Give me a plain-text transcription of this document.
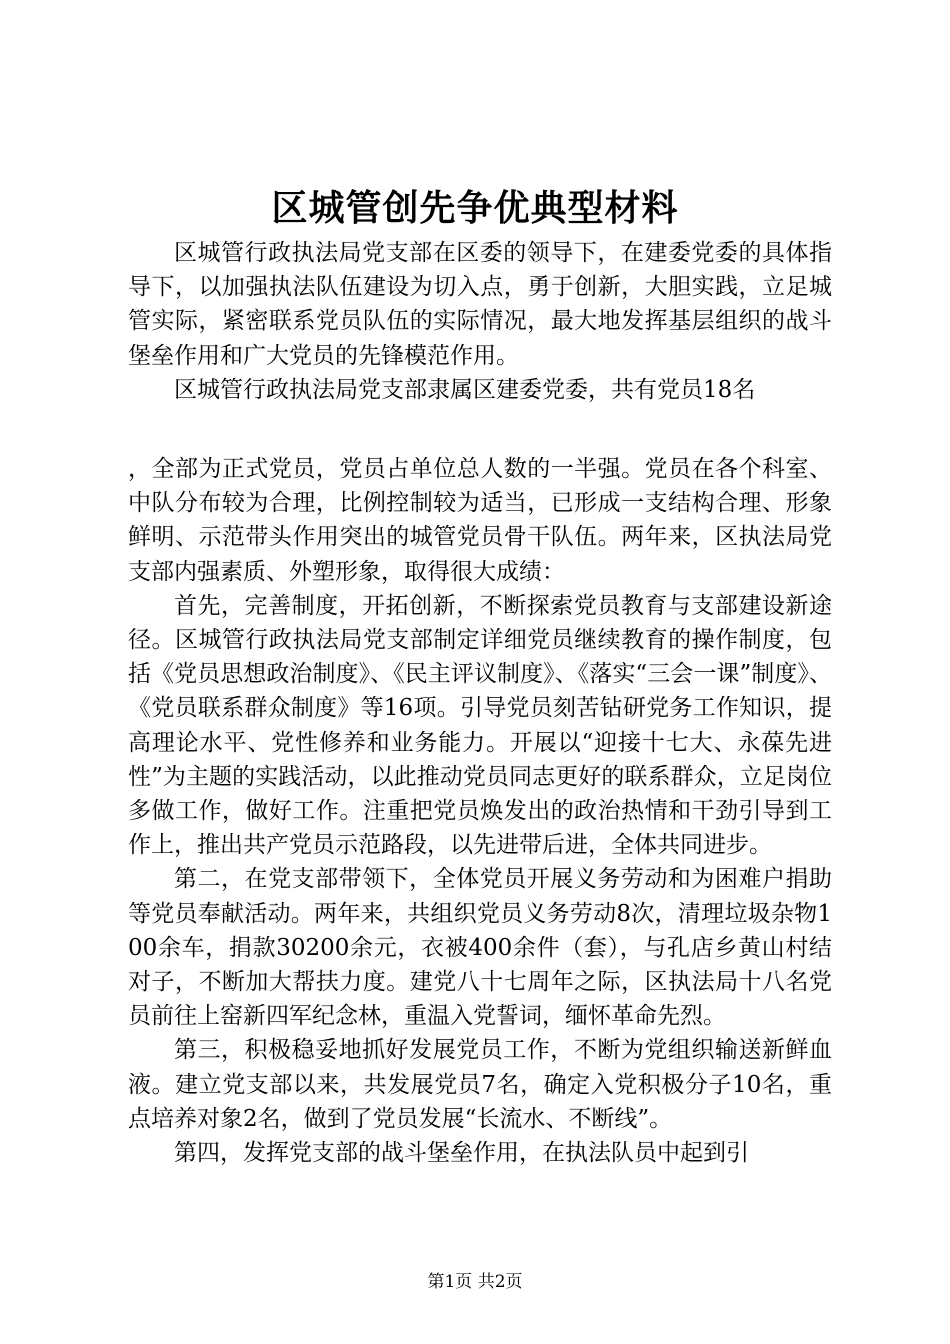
区城管创先争优典型材料

区城管行政执法局党支部在区委的领导下，在建委党委的具体指导下，以加强执法队伍建设为切入点，勇于创新，大胆实践，立足城管实际，紧密联系党员队伍的实际情况，最大地发挥基层组织的战斗堡垒作用和广大党员的先锋模范作用。

区城管行政执法局党支部隶属区建委党委，共有党员18名

，全部为正式党员，党员占单位总人数的一半强。党员在各个科室、中队分布较为合理，比例控制较为适当，已形成一支结构合理、形象鲜明、示范带头作用突出的城管党员骨干队伍。两年来，区执法局党支部内强素质、外塑形象，取得很大成绩：

首先，完善制度，开拓创新，不断探索党员教育与支部建设新途径。区城管行政执法局党支部制定详细党员继续教育的操作制度，包括《党员思想政治制度》、《民主评议制度》、《落实“三会一课”制度》、《党员联系群众制度》等16项。引导党员刻苦钻研党务工作知识，提高理论水平、党性修养和业务能力。开展以“迎接十七大、永葆先进性”为主题的实践活动，以此推动党员同志更好的联系群众，立足岗位多做工作，做好工作。注重把党员焕发出的政治热情和干劲引导到工作上，推出共产党员示范路段，以先进带后进，全体共同进步。

第二，在党支部带领下，全体党员开展义务劳动和为困难户捐助等党员奉献活动。两年来，共组织党员义务劳动8次，清理垃圾杂物100余车，捐款30200余元，衣被400余件（套），与孔店乡黄山村结对子，不断加大帮扶力度。建党八十七周年之际，区执法局十八名党员前往上窑新四军纪念林，重温入党誓词，缅怀革命先烈。

第三，积极稳妥地抓好发展党员工作，不断为党组织输送新鲜血液。建立党支部以来，共发展党员7名，确定入党积极分子10名，重点培养对象2名，做到了党员发展“长流水、不断线”。

第四，发挥党支部的战斗堡垒作用，在执法队员中起到引

第1页 共2页
